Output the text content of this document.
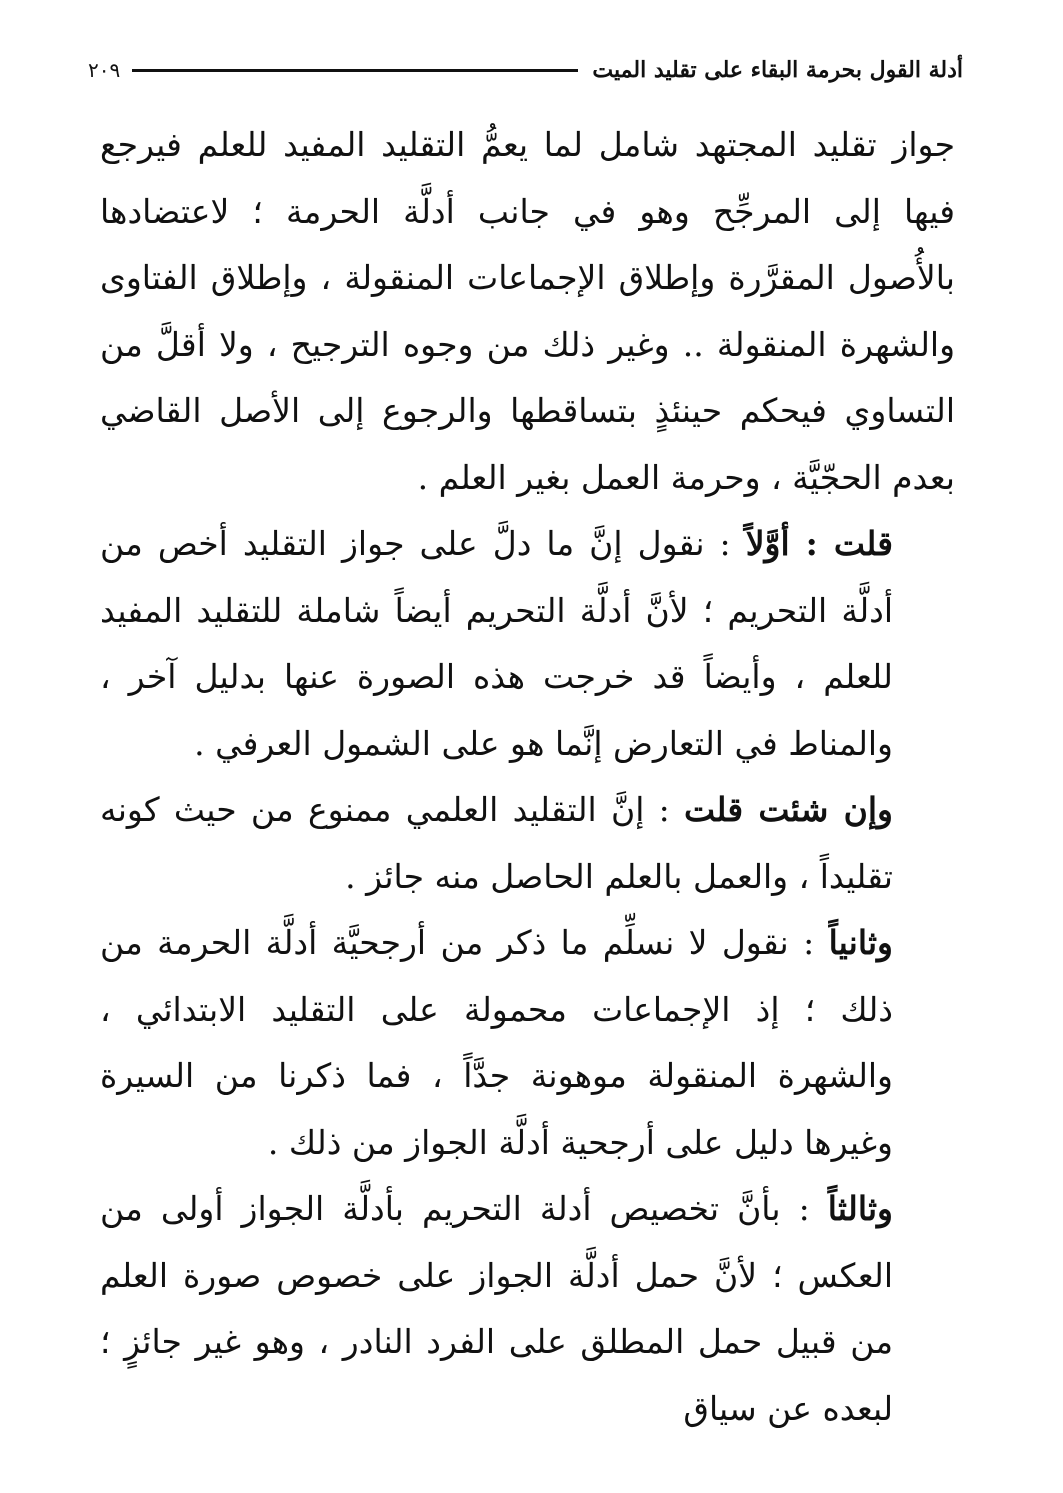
أدلة القول بحرمة البقاء على تقليد الميت
٢٠٩

جواز تقليد المجتهد شامل لما يعمُّ التقليد المفيد للعلم فيرجع فيها إلى المرجِّح وهو في جانب أدلَّة الحرمة ؛ لاعتضادها بالأُصول المقرَّرة وإطلاق الإجماعات المنقولة ، وإطلاق الفتاوى والشهرة المنقولة .. وغير ذلك من وجوه الترجيح ، ولا أقلَّ من التساوي فيحكم حينئذٍ بتساقطها والرجوع إلى الأصل القاضي بعدم الحجّيَّة ، وحرمة العمل بغير العلم .

قلت : أوَّلاً : نقول إنَّ ما دلَّ على جواز التقليد أخص من أدلَّة التحريم ؛ لأنَّ أدلَّة التحريم أيضاً شاملة للتقليد المفيد للعلم ، وأيضاً قد خرجت هذه الصورة عنها بدليل آخر ، والمناط في التعارض إنَّما هو على الشمول العرفي .

وإن شئت قلت : إنَّ التقليد العلمي ممنوع من حيث كونه تقليداً ، والعمل بالعلم الحاصل منه جائز .

وثانياً : نقول لا نسلِّم ما ذكر من أرجحيَّة أدلَّة الحرمة من ذلك ؛ إذ الإجماعات محمولة على التقليد الابتدائي ، والشهرة المنقولة موهونة جدَّاً ، فما ذكرنا من السيرة وغيرها دليل على أرجحية أدلَّة الجواز من ذلك .

وثالثاً : بأنَّ تخصيص أدلة التحريم بأدلَّة الجواز أولى من العكس ؛ لأنَّ حمل أدلَّة الجواز على خصوص صورة العلم من قبيل حمل المطلق على الفرد النادر ، وهو غير جائزٍ ؛ لبعده عن سياق
